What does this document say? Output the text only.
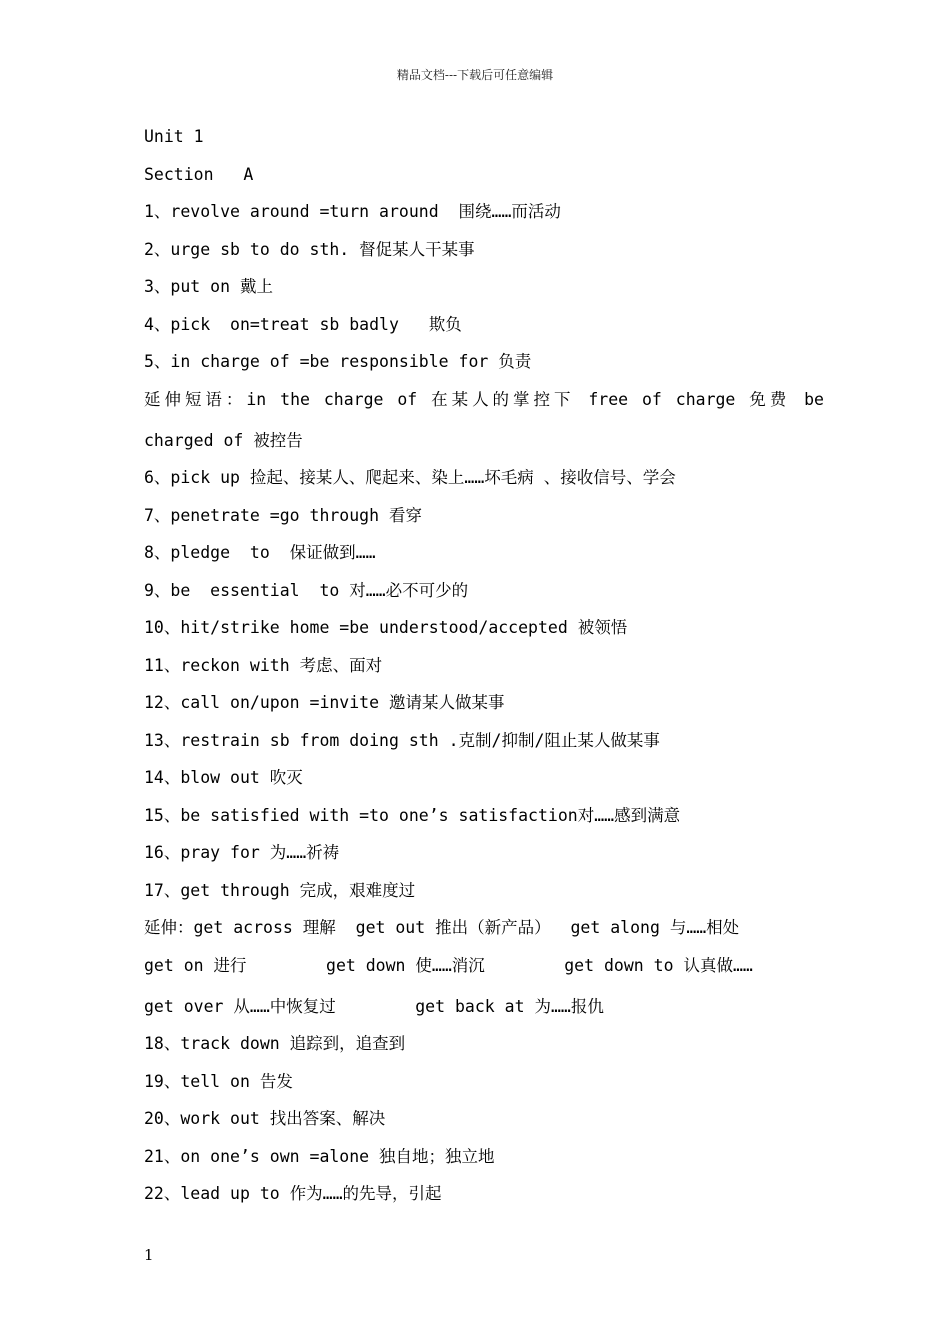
精品文档---下载后可任意编辑
Unit 1
Section   A
1、revolve around =turn around  围绕……而活动
2、urge sb to do sth. 督促某人干某事
3、put on 戴上
4、pick  on=treat sb badly   欺负
5、in charge of =be responsible for 负责
延伸短语：in the charge of 在某人的掌控下 free of charge 免费 be
charged of 被控告
6、pick up 捡起、接某人、爬起来、染上……坏毛病 、接收信号、学会
7、penetrate =go through 看穿
8、pledge  to  保证做到……
9、be  essential  to 对……必不可少的
10、hit/strike home =be understood/accepted 被领悟
11、reckon with 考虑、面对
12、call on/upon =invite 邀请某人做某事
13、restrain sb from doing sth .克制/抑制/阻止某人做某事
14、blow out 吹灭
15、be satisfied with =to one’s satisfaction对……感到满意
16、pray for 为……祈祷
17、get through 完成，艰难度过
延伸：get across 理解  get out 推出（新产品）  get along 与……相处
get on 进行        get down 使……消沉        get down to 认真做……
get over 从……中恢复过        get back at 为……报仇
18、track down 追踪到，追查到
19、tell on 告发
20、work out 找出答案、解决
21、on one’s own =alone 独自地；独立地
22、lead up to 作为……的先导，引起
1
